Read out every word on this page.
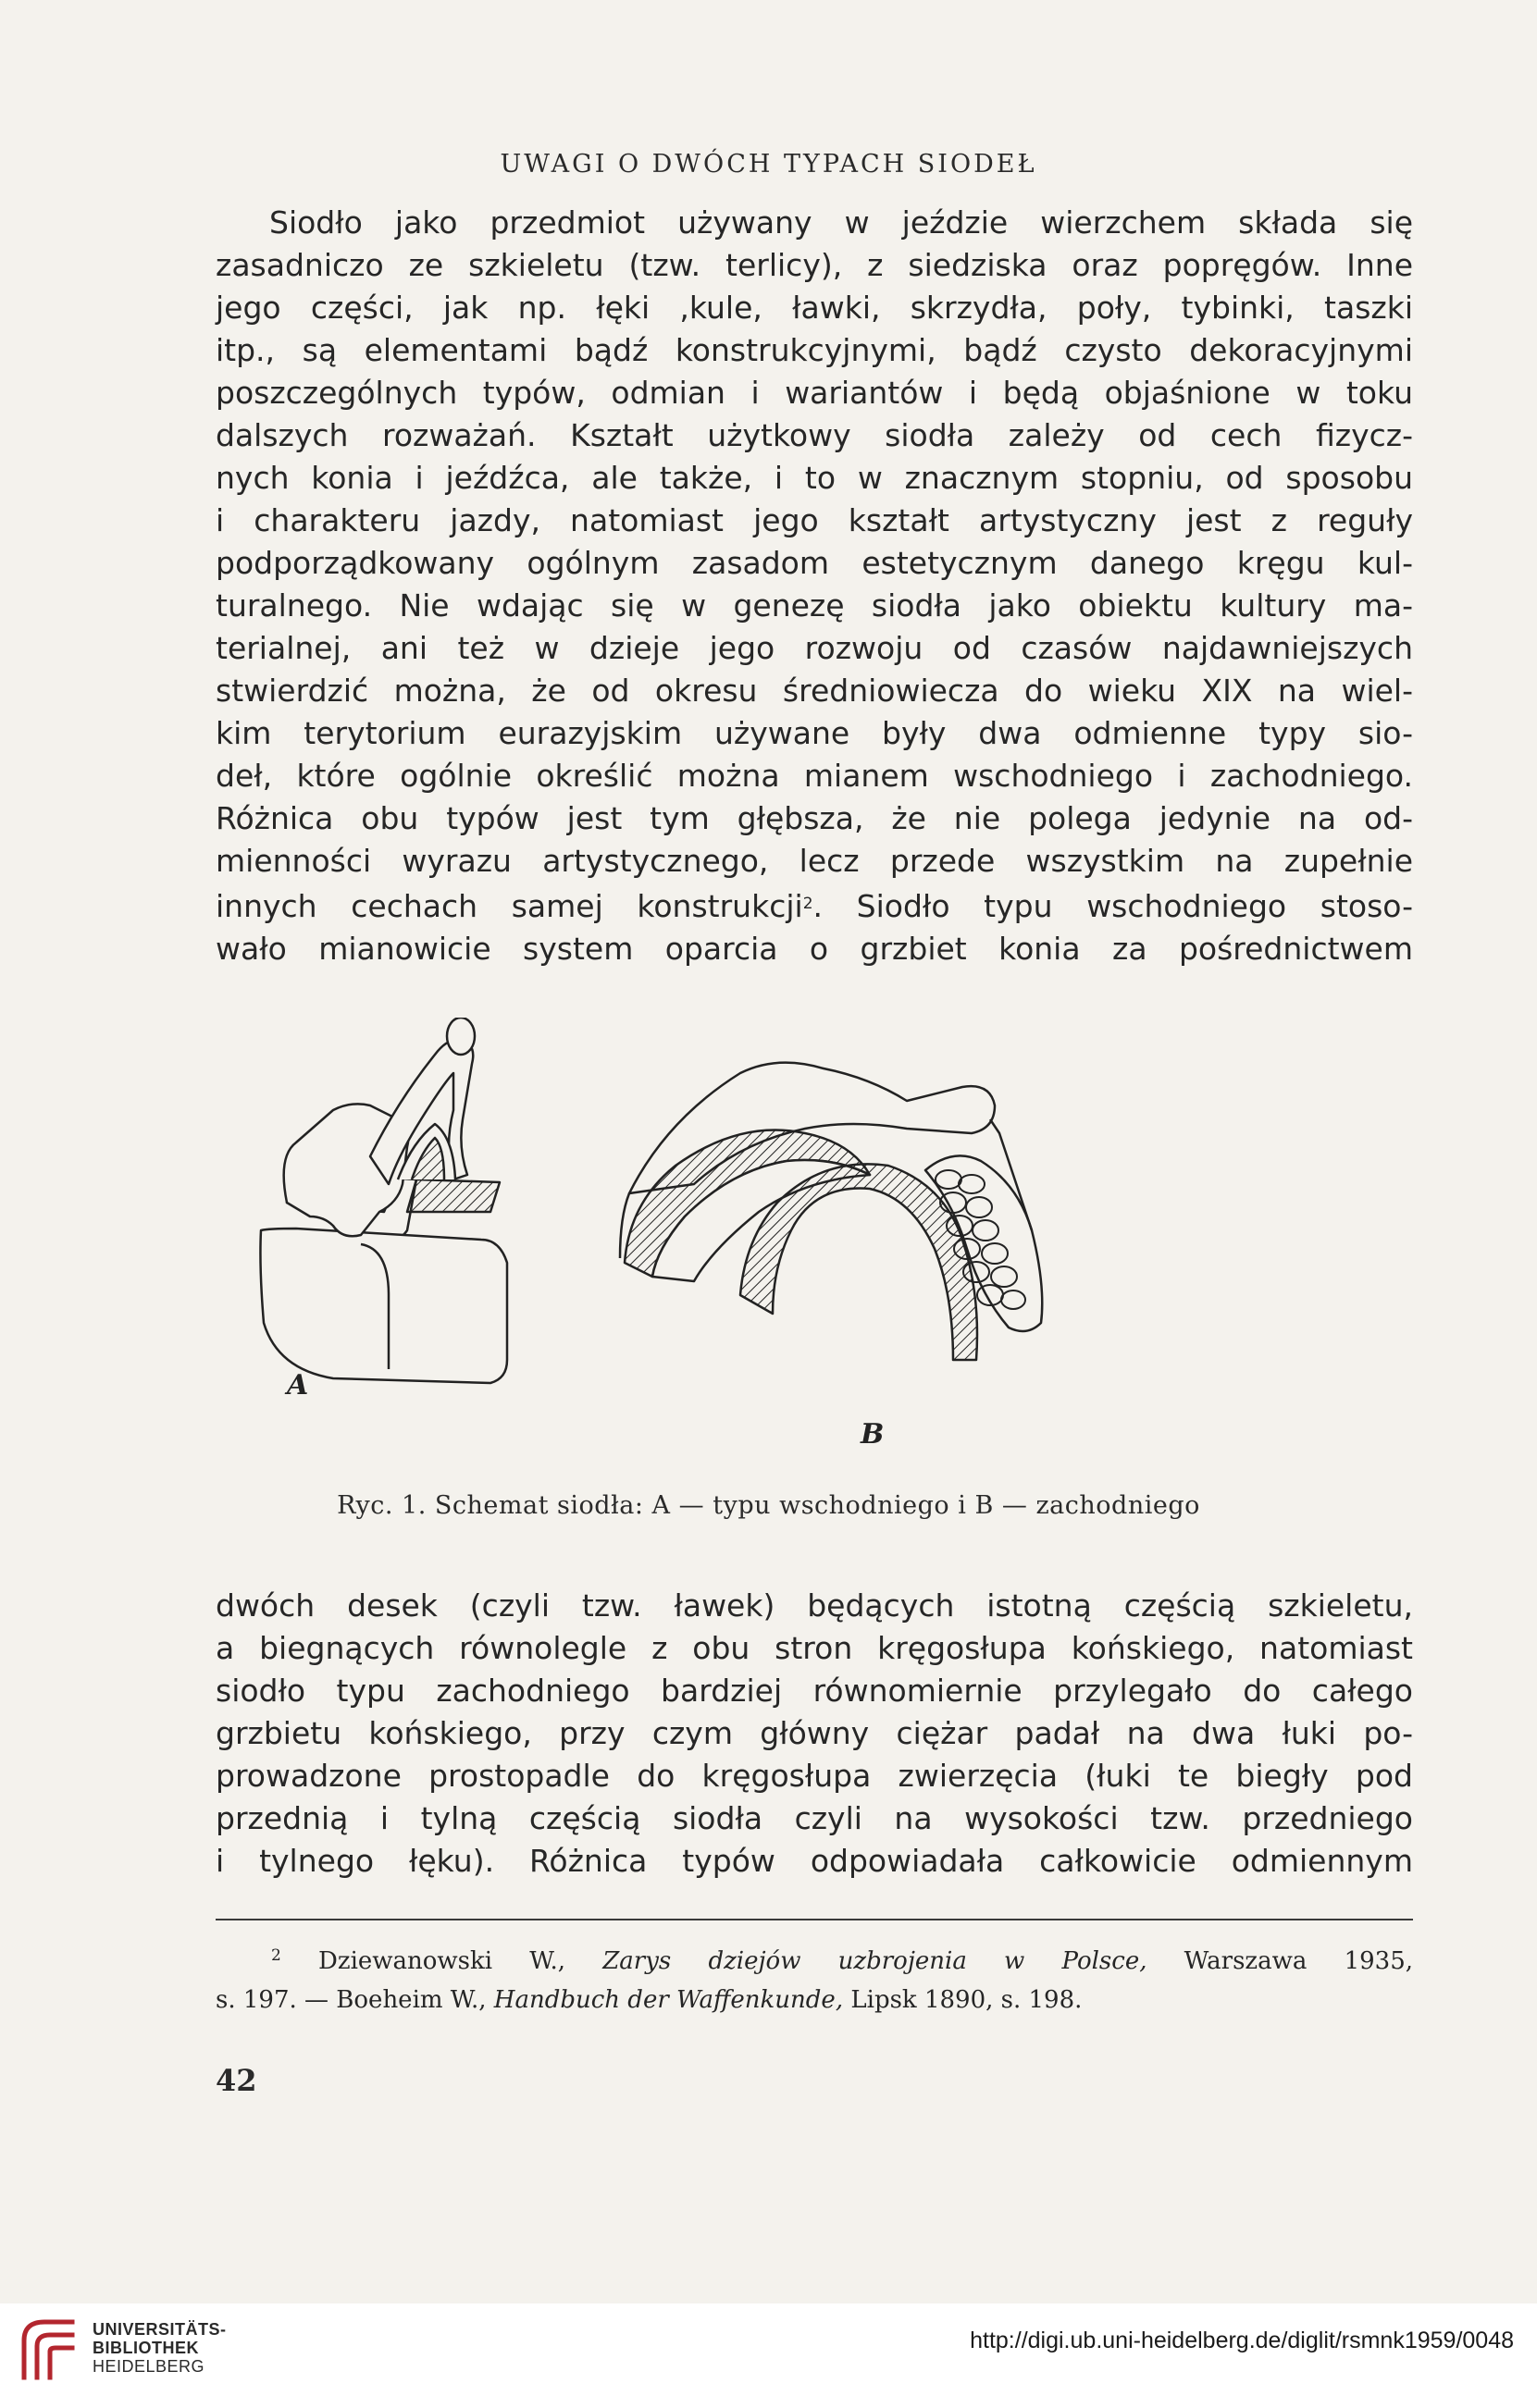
UWAGI O DWÓCH TYPACH SIODEŁ

Siodło jako przedmiot używany w jeździe wierzchem składa się

zasadniczo ze szkieletu (tzw. terlicy), z siedziska oraz popręgów. Inne

jego części, jak np. łęki ,kule, ławki, skrzydła, poły, tybinki, taszki

itp., są elementami bądź konstrukcyjnymi, bądź czysto dekoracyjnymi

poszczególnych typów, odmian i wariantów i będą objaśnione w toku

dalszych rozważań. Kształt użytkowy siodła zależy od cech fizycz-

nych konia i jeźdźca, ale także, i to w znacznym stopniu, od sposobu

i charakteru jazdy, natomiast jego kształt artystyczny jest z reguły

podporządkowany ogólnym zasadom estetycznym danego kręgu kul-

turalnego. Nie wdając się w genezę siodła jako obiektu kultury ma-

terialnej, ani też w dzieje jego rozwoju od czasów najdawniejszych

stwierdzić można, że od okresu średniowiecza do wieku XIX na wiel-

kim terytorium eurazyjskim używane były dwa odmienne typy sio-

deł, które ogólnie określić można mianem wschodniego i zachodniego.

Różnica obu typów jest tym głębsza, że nie polega jedynie na od-

mienności wyrazu artystycznego, lecz przede wszystkim na zupełnie

innych cechach samej konstrukcji$^2$. Siodło typu wschodniego stoso-

wało mianowicie system oparcia o grzbiet konia za pośrednictwem

A
B
Ryc. 1. Schemat siodła: A — typu wschodniego i B — zachodniego

dwóch desek (czyli tzw. ławek) będących istotną częścią szkieletu,

a biegnących równolegle z obu stron kręgosłupa końskiego, natomiast

siodło typu zachodniego bardziej równomiernie przylegało do całego

grzbietu końskiego, przy czym główny ciężar padał na dwa łuki po-

prowadzone prostopadle do kręgosłupa zwierzęcia (łuki te biegły pod

przednią i tylną częścią siodła czyli na wysokości tzw. przedniego

i tylnego łęku). Różnica typów odpowiadała całkowicie odmiennym

$^2$ Dziewanowski W., Zarys dziejów uzbrojenia w Polsce, Warszawa 1935,

s. 197. — Boeheim W., Handbuch der Waffenkunde, Lipsk 1890, s. 198.

42
UNIVERSITÄTS-
BIBLIOTHEK
HEIDELBERG
http://digi.ub.uni-heidelberg.de/diglit/rsmnk1959/0048
